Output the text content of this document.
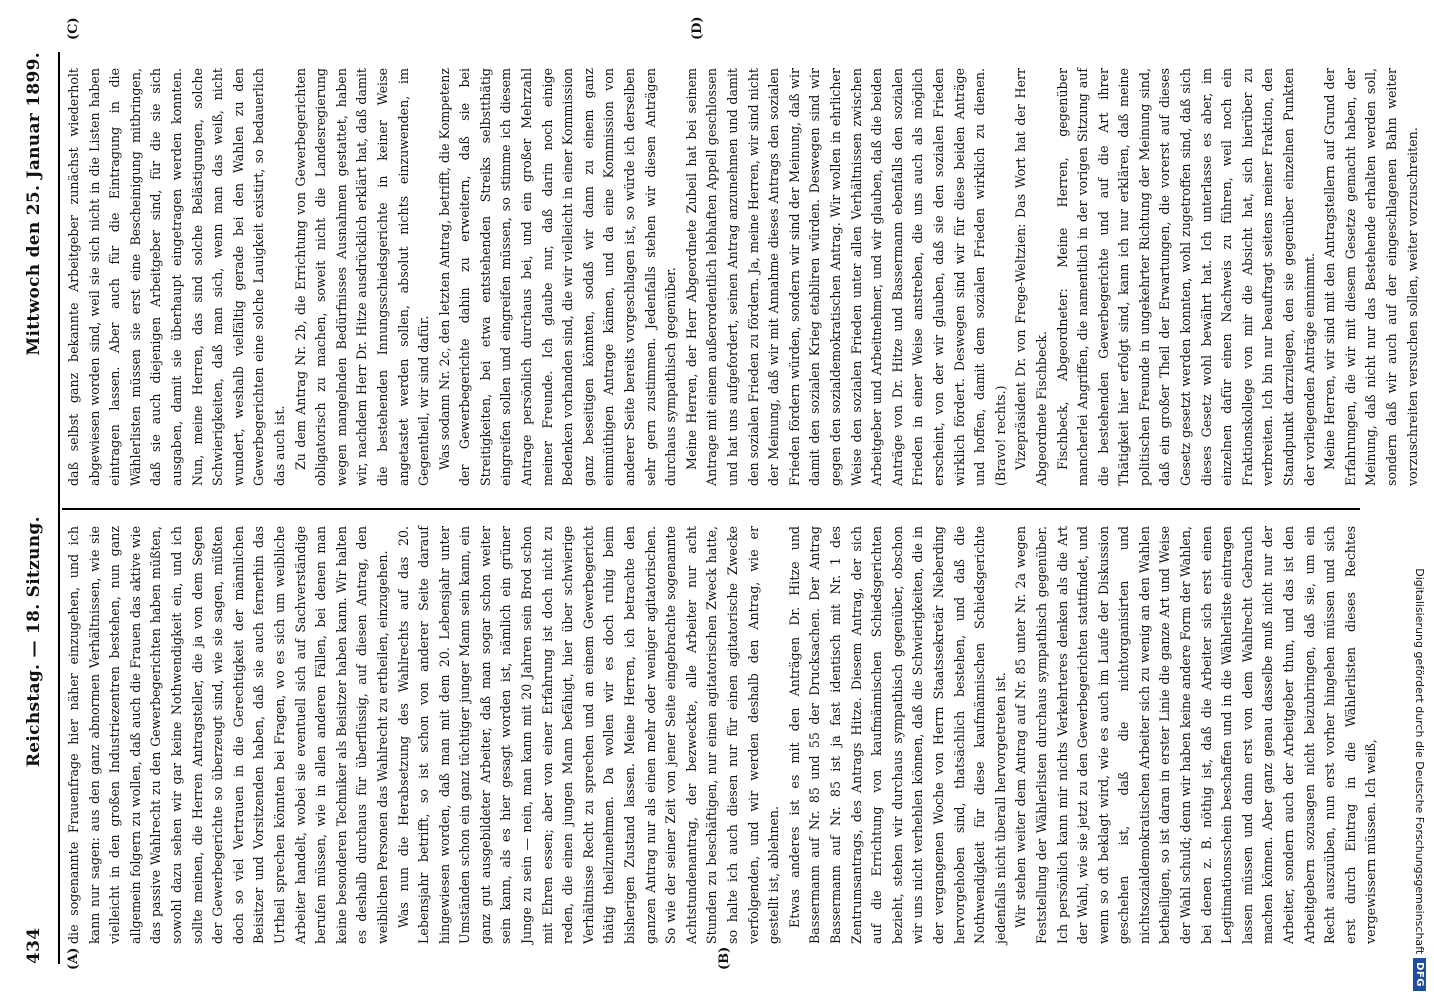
434
Reichstag. — 18. Sitzung.
Mittwoch den 25. Januar 1899.
(A)	(B)
(C)	(D)

die sogenannte Frauenfrage hier näher einzugehen, und ich kann nur sagen: aus den ganz abnormen Verhältnissen, wie sie vielleicht in den großen Industriezentren bestehen, nun ganz allgemein folgern zu wollen, daß auch die Frauen das aktive wie das passive Wahlrecht zu den Gewerbegerichten haben müßten, sowohl dazu sehen wir gar keine Nothwendigkeit ein, und ich sollte meinen, die Herren Antragsteller, die ja von dem Segen der Gewerbegerichte so überzeugt sind, wie sie sagen, müßten doch so viel Vertrauen in die Gerechtigkeit der männlichen Beisitzer und Vorsitzenden haben, daß sie auch fernerhin das Urtheil sprechen könnten bei Fragen, wo es sich um weibliche Arbeiter handelt, wobei sie eventuell sich auf Sachverständige berufen müssen, wie in allen anderen Fällen, bei denen man keine besonderen Techniker als Beisitzer haben kann. Wir halten es deshalb durchaus für überflüssig, auf diesen Antrag, den weiblichen Personen das Wahlrecht zu ertheilen, einzugehen. Was nun die Herabsetzung des Wahlrechts auf das 20. Lebensjahr betrifft, so ist schon von anderer Seite darauf hingewiesen worden, daß man mit dem 20. Lebensjahr unter Umständen schon ein ganz tüchtiger junger Mann sein kann, ein ganz gut ausgebildeter Arbeiter, daß man sogar schon weiter sein kann, als es hier gesagt worden ist, nämlich ein grüner Junge zu sein — nein, man kann mit 20 Jahren sein Brod schon mit Ehren essen; aber von einer Erfahrung ist doch nicht zu reden, die einen jungen Mann befähigt, hier über schwierige Verhältnisse Recht zu sprechen und an einem Gewerbegericht thätig theilzunehmen. Da wollen wir es doch ruhig beim bisherigen Zustand lassen. Meine Herren, ich betrachte den ganzen Antrag nur als einen mehr oder weniger agitatorischen. So wie der seiner Zeit von jener Seite eingebrachte sogenannte Achtstundenantrag, der bezweckte, alle Arbeiter nur acht Stunden zu beschäftigen, nur einen agitatorischen Zweck hatte, so halte ich auch diesen nur für einen agitatorische Zwecke verfolgenden, und wir werden deshalb den Antrag, wie er gestellt ist, ablehnen. Etwas anderes ist es mit den Anträgen Dr. Hitze und Bassermann auf Nr. 85 und 55 der Drucksachen. Der Antrag Bassermann auf Nr. 85 ist ja fast identisch mit Nr. 1 des Zentrumsantrags, des Antrags Hitze. Diesem Antrag, der sich auf die Errichtung von kaufmännischen Schiedsgerichten bezieht, stehen wir durchaus sympathisch gegenüber, obschon wir uns nicht verhehlen können, daß die Schwierigkeiten, die in der vergangenen Woche von Herrn Staatssekretär Nieberding hervorgehoben sind, thatsächlich bestehen, und daß die Nothwendigkeit für diese kaufmännischen Schiedsgerichte jedenfalls nicht überall hervorgetreten ist. Wir stehen weiter dem Antrag auf Nr. 85 unter Nr. 2a wegen Feststellung der Wählerlisten durchaus sympathisch gegenüber. Ich persönlich kann mir nichts Verkehrteres denken als die Art der Wahl, wie sie jetzt zu den Gewerbegerichten stattfindet, und wenn so oft beklagt wird, wie es auch im Laufe der Diskussion geschehen ist, daß die nichtorganisirten und nichtsozialdemokratischen Arbeiter sich zu wenig an den Wahlen betheiligen, so ist daran in erster Linie die ganze Art und Weise der Wahl schuld; denn wir haben keine andere Form der Wahlen, bei denen z. B. nöthig ist, daß die Arbeiter sich erst einen Legitimationsschein beschaffen und in die Wählerliste eintragen lassen müssen und dann erst von dem Wahlrecht Gebrauch machen können. Aber ganz genau dasselbe muß nicht nur der Arbeiter, sondern auch der Arbeitgeber thun, und das ist den Arbeitgebern sozusagen nicht beizubringen, daß sie, um ein Recht auszuüben, nun erst vorher hingehen müssen und sich erst durch Eintrag in die Wählerlisten dieses Rechtes vergewissern müssen. Ich weiß,

daß selbst ganz bekannte Arbeitgeber zunächst wiederholt abgewiesen worden sind, weil sie sich nicht in die Listen haben eintragen lassen. Aber auch für die Eintragung in die Wählerlisten müssen sie erst eine Bescheinigung mitbringen, daß sie auch diejenigen Arbeitgeber sind, für die sie sich ausgaben, damit sie überhaupt eingetragen werden konnten. Nun, meine Herren, das sind solche Belästigungen, solche Schwierigkeiten, daß man sich, wenn man das weiß, nicht wundert, weshalb vielfältig gerade bei den Wahlen zu den Gewerbegerichten eine solche Lauigkeit existirt, so bedauerlich das auch ist. Zu dem Antrag Nr. 2b, die Errichtung von Gewerbegerichten obligatorisch zu machen, soweit nicht die Landesregierung wegen mangelnden Bedürfnisses Ausnahmen gestattet, haben wir, nachdem Herr Dr. Hitze ausdrücklich erklärt hat, daß damit die bestehenden Innungsschiedsgerichte in keiner Weise angetastet werden sollen, absolut nichts einzuwenden, im Gegentheil, wir sind dafür. Was sodann Nr. 2c, den letzten Antrag, betrifft, die Kompetenz der Gewerbegerichte dahin zu erweitern, daß sie bei Streitigkeiten, bei etwa entstehenden Streiks selbstthätig eingreifen sollen und eingreifen müssen, so stimme ich diesem Antrage persönlich durchaus bei, und ein großer Mehrzahl meiner Freunde. Ich glaube nur, daß darin noch einige Bedenken vorhanden sind, die wir vielleicht in einer Kommission ganz beseitigen könnten, sodaß wir dann zu einem ganz einmüthigen Antrage kämen, und da eine Kommission von anderer Seite bereits vorgeschlagen ist, so würde ich derselben sehr gern zustimmen. Jedenfalls stehen wir diesen Anträgen durchaus sympathisch gegenüber. Meine Herren, der Herr Abgeordnete Zubeil hat bei seinem Antrage mit einem außerordentlich lebhaften Appell geschlossen und hat uns aufgefordert, seinen Antrag anzunehmen und damit den sozialen Frieden zu fördern. Ja, meine Herren, wir sind nicht der Meinung, daß wir mit Annahme dieses Antrags den sozialen Frieden fördern würden, sondern wir sind der Meinung, daß wir damit den sozialen Krieg etabliren würden. Deswegen sind wir gegen den sozialdemokratischen Antrag. Wir wollen in ehrlicher Weise den sozialen Frieden unter allen Verhältnissen zwischen Arbeitgeber und Arbeitnehmer, und wir glauben, daß die beiden Anträge von Dr. Hitze und Bassermann ebenfalls den sozialen Frieden in einer Weise anstreben, die uns auch als möglich erscheint, von der wir glauben, daß sie den sozialen Frieden wirklich fördert. Deswegen sind wir für diese beiden Anträge und hoffen, damit dem sozialen Frieden wirklich zu dienen. (Bravo! rechts.) Vizepräsident Dr. von Frege-Weltzien: Das Wort hat der Herr Abgeordnete Fischbeck. Fischbeck, Abgeordneter: Meine Herren, gegenüber mancherlei Angriffen, die namentlich in der vorigen Sitzung auf die bestehenden Gewerbegerichte und auf die Art ihrer Thätigkeit hier erfolgt sind, kann ich nur erklären, daß meine politischen Freunde in ungekehrter Richtung der Meinung sind, daß ein großer Theil der Erwartungen, die vorerst auf dieses Gesetz gesetzt werden konnten, wohl zugetroffen sind, daß sich dieses Gesetz wohl bewährt hat. Ich unterlasse es aber, im einzelnen dafür einen Nachweis zu führen, weil noch ein Fraktionskollege von mir die Absicht hat, sich hierüber zu verbreiten. Ich bin nur beauftragt seitens meiner Fraktion, den Standpunkt darzulegen, den sie gegenüber einzelnen Punkten der vorliegenden Anträge einnimmt. Meine Herren, wir sind mit den Antragstellern auf Grund der Erfahrungen, die wir mit diesem Gesetze gemacht haben, der Meinung, daß nicht nur das Bestehende erhalten werden soll, sondern daß wir auch auf der eingeschlagenen Bahn weiter vorzuschreiten versuchen sollen, weiter vorzuschreiten.

Digitalisierung gefördert durch die Deutsche Forschungsgemeinschaft
DFG
